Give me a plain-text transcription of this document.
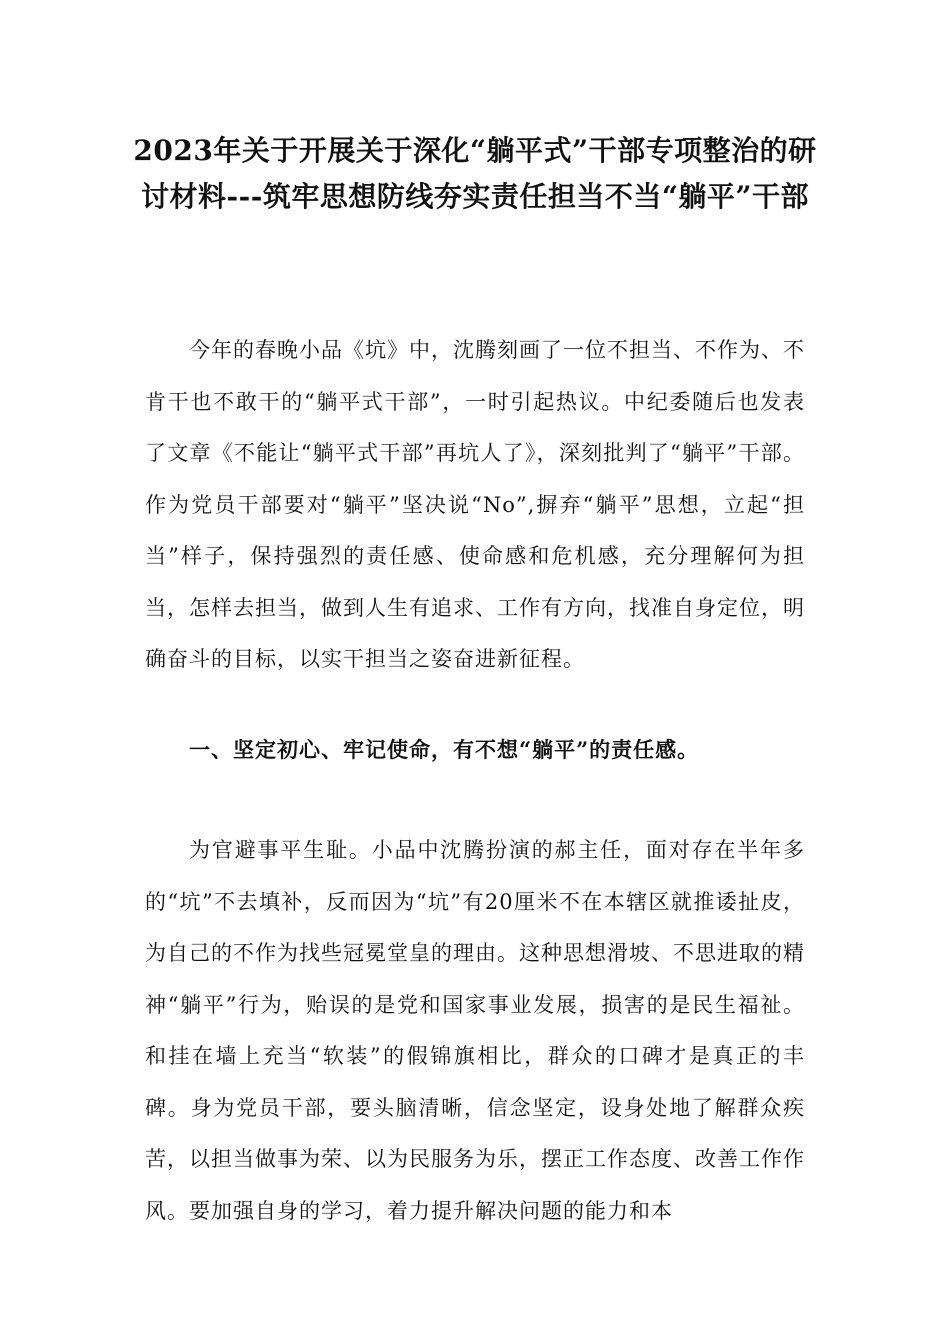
2023年关于开展关于深化“躺平式”干部专项整治的研讨材料---筑牢思想防线夯实责任担当不当“躺平”干部

今年的春晚小品《坑》中，沈腾刻画了一位不担当、不作为、不肯干也不敢干的“躺平式干部”，一时引起热议。中纪委随后也发表了文章《不能让“躺平式干部”再坑人了》，深刻批判了“躺平”干部。作为党员干部要对“躺平”坚决说“No”,摒弃“躺平”思想，立起“担当”样子，保持强烈的责任感、使命感和危机感，充分理解何为担当，怎样去担当，做到人生有追求、工作有方向，找准自身定位，明确奋斗的目标，以实干担当之姿奋进新征程。

一、坚定初心、牢记使命，有不想“躺平”的责任感。

为官避事平生耻。小品中沈腾扮演的郝主任，面对存在半年多的“坑”不去填补，反而因为“坑”有20厘米不在本辖区就推诿扯皮，为自己的不作为找些冠冕堂皇的理由。这种思想滑坡、不思进取的精神“躺平”行为，贻误的是党和国家事业发展，损害的是民生福祉。和挂在墙上充当“软装”的假锦旗相比，群众的口碑才是真正的丰碑。身为党员干部，要头脑清晰，信念坚定，设身处地了解群众疾苦，以担当做事为荣、以为民服务为乐，摆正工作态度、改善工作作风。要加强自身的学习，着力提升解决问题的能力和本
